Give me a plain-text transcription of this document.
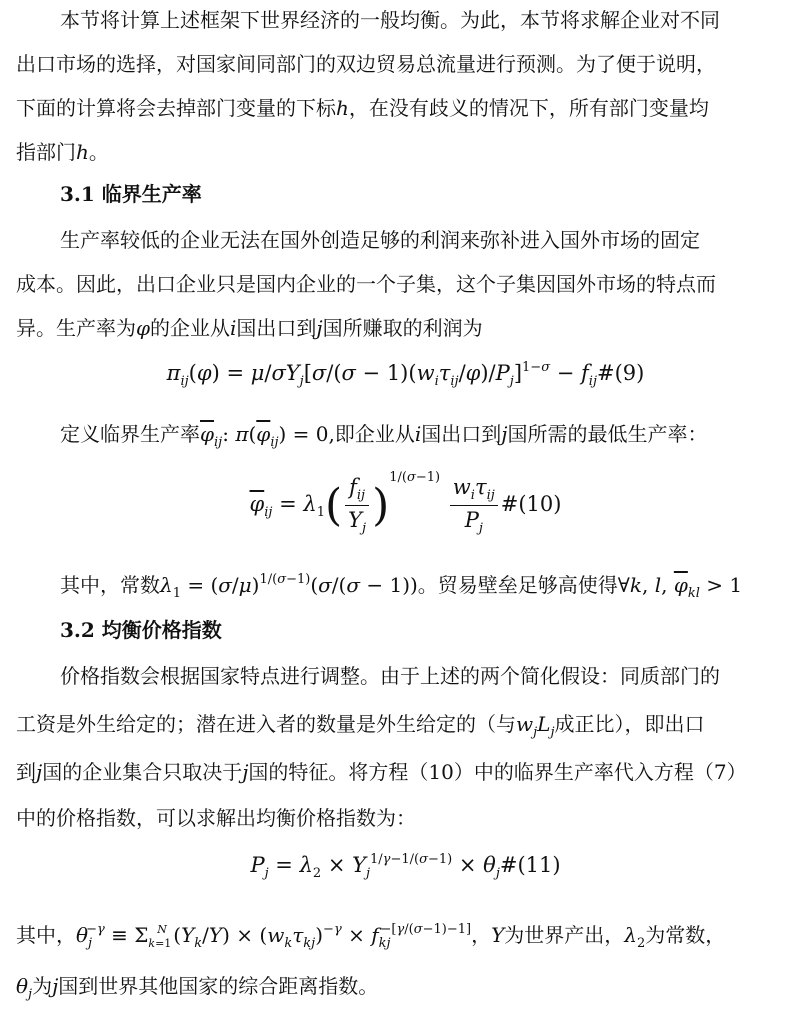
本节将计算上述框架下世界经济的一般均衡。为此，本节将求解企业对不同
出口市场的选择，对国家间同部门的双边贸易总流量进行预测。为了便于说明，
下面的计算将会去掉部门变量的下标h，在没有歧义的情况下，所有部门变量均
指部门h。
3.1 临界生产率
生产率较低的企业无法在国外创造足够的利润来弥补进入国外市场的固定
成本。因此，出口企业只是国内企业的一个子集，这个子集因国外市场的特点而
异。生产率为φ的企业从i国出口到j国所赚取的利润为
$\pi_{ij}(\varphi) = \mu/\sigma Y_j[\sigma/(\sigma - 1)(w_i\tau_{ij}/\varphi)/P_j]^{1-\sigma}$ − $f_{ij}\#(9)$
定义临界生产率$\overline{\varphi}_{ij}$: $\pi(\overline{\varphi}_{ij}) = 0$,即企业从i国出口到j国所需的最低生产率：
$\overline{\varphi}_{ij} = \lambda_1( \frac{f_{ij}}{Y_j} )^{1/(\sigma-1)} \frac{w_i\tau_{ij}}{P_j}$ #(10)
其中，常数$\lambda_1 = (\sigma/\mu)^{1/(\sigma-1)}(\sigma/(\sigma - 1))$。贸易壁垒足够高使得∀k, l, $\overline{\varphi}_{kl} > 1$
3.2 均衡价格指数
价格指数会根据国家特点进行调整。由于上述的两个简化假设：同质部门的
工资是外生给定的；潜在进入者的数量是外生给定的（与$w_jL_j$成正比），即出口
到j国的企业集合只取决于j国的特征。将方程（10）中的临界生产率代入方程（7）
中的价格指数，可以求解出均衡价格指数为：
$P_j = \lambda_2 \times Y_j^{1/\gamma-1/(\sigma-1)}$ × $\theta_j\#(11)$
其中，$\theta_j^{-\gamma} \equiv \Sigma_{k=1}^N$ $(Y_k/Y) \times (w_k\tau_{kj})^{-\gamma} \times f_{kj}^{-[\gamma/(\sigma-1)-1]}$，Y为世界产出，$\lambda_2$为常数，
$\theta_j$为j国到世界其他国家的综合距离指数。
